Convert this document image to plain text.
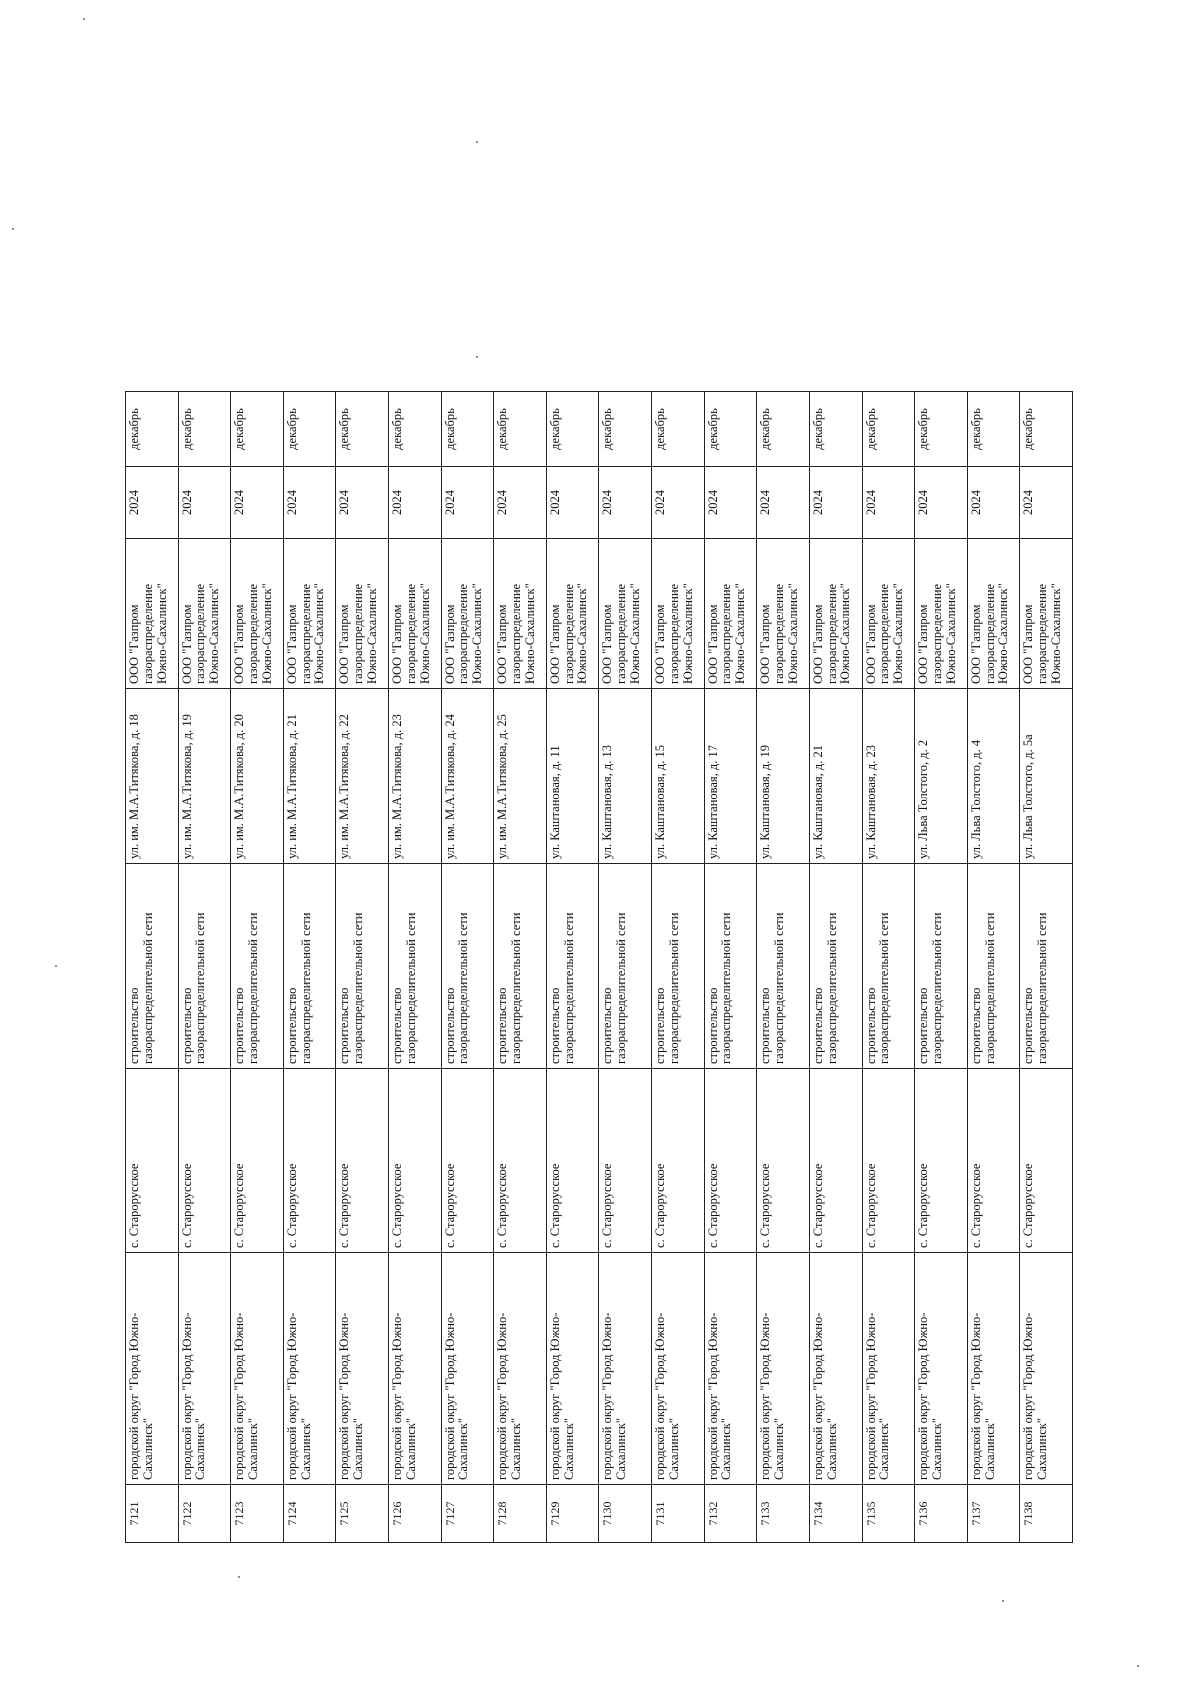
7121	городской округ "Город Южно-Сахалинск"	с. Старорусское	строительство газораспределительной сети	ул. им. М.А.Титякова, д. 18	ООО "Газпром газораспределение Южно-Сахалинск"	2024	декабрь
7122	городской округ "Город Южно-Сахалинск"	с. Старорусское	строительство газораспределительной сети	ул. им. М.А.Титякова, д. 19	ООО "Газпром газораспределение Южно-Сахалинск"	2024	декабрь
7123	городской округ "Город Южно-Сахалинск"	с. Старорусское	строительство газораспределительной сети	ул. им. М.А.Титякова, д. 20	ООО "Газпром газораспределение Южно-Сахалинск"	2024	декабрь
7124	городской округ "Город Южно-Сахалинск"	с. Старорусское	строительство газораспределительной сети	ул. им. М.А.Титякова, д. 21	ООО "Газпром газораспределение Южно-Сахалинск"	2024	декабрь
7125	городской округ "Город Южно-Сахалинск"	с. Старорусское	строительство газораспределительной сети	ул. им. М.А.Титякова, д. 22	ООО "Газпром газораспределение Южно-Сахалинск"	2024	декабрь
7126	городской округ "Город Южно-Сахалинск"	с. Старорусское	строительство газораспределительной сети	ул. им. М.А.Титякова, д. 23	ООО "Газпром газораспределение Южно-Сахалинск"	2024	декабрь
7127	городской округ "Город Южно-Сахалинск"	с. Старорусское	строительство газораспределительной сети	ул. им. М.А.Титякова, д. 24	ООО "Газпром газораспределение Южно-Сахалинск"	2024	декабрь
7128	городской округ "Город Южно-Сахалинск"	с. Старорусское	строительство газораспределительной сети	ул. им. М.А.Титякова, д. 25	ООО "Газпром газораспределение Южно-Сахалинск"	2024	декабрь
7129	городской округ "Город Южно-Сахалинск"	с. Старорусское	строительство газораспределительной сети	ул. Каштановая, д. 11	ООО "Газпром газораспределение Южно-Сахалинск"	2024	декабрь
7130	городской округ "Город Южно-Сахалинск"	с. Старорусское	строительство газораспределительной сети	ул. Каштановая, д. 13	ООО "Газпром газораспределение Южно-Сахалинск"	2024	декабрь
7131	городской округ "Город Южно-Сахалинск"	с. Старорусское	строительство газораспределительной сети	ул. Каштановая, д. 15	ООО "Газпром газораспределение Южно-Сахалинск"	2024	декабрь
7132	городской округ "Город Южно-Сахалинск"	с. Старорусское	строительство газораспределительной сети	ул. Каштановая, д. 17	ООО "Газпром газораспределение Южно-Сахалинск"	2024	декабрь
7133	городской округ "Город Южно-Сахалинск"	с. Старорусское	строительство газораспределительной сети	ул. Каштановая, д. 19	ООО "Газпром газораспределение Южно-Сахалинск"	2024	декабрь
7134	городской округ "Город Южно-Сахалинск"	с. Старорусское	строительство газораспределительной сети	ул. Каштановая, д. 21	ООО "Газпром газораспределение Южно-Сахалинск"	2024	декабрь
7135	городской округ "Город Южно-Сахалинск"	с. Старорусское	строительство газораспределительной сети	ул. Каштановая, д. 23	ООО "Газпром газораспределение Южно-Сахалинск"	2024	декабрь
7136	городской округ "Город Южно-Сахалинск"	с. Старорусское	строительство газораспределительной сети	ул. Льва Толстого, д. 2	ООО "Газпром газораспределение Южно-Сахалинск"	2024	декабрь
7137	городской округ "Город Южно-Сахалинск"	с. Старорусское	строительство газораспределительной сети	ул. Льва Толстого, д. 4	ООО "Газпром газораспределение Южно-Сахалинск"	2024	декабрь
7138	городской округ "Город Южно-Сахалинск"	с. Старорусское	строительство газораспределительной сети	ул. Льва Толстого, д. 5а	ООО "Газпром газораспределение Южно-Сахалинск"	2024	декабрь
